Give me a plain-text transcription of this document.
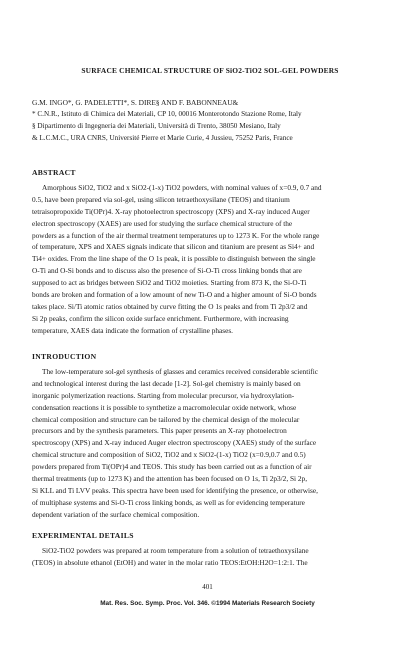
SURFACE CHEMICAL STRUCTURE OF SiO2-TiO2 SOL-GEL POWDERS
G.M. INGO*, G. PADELETTI*, S. DIRE§ AND F. BABONNEAU&
* C.N.R., Istituto di Chimica dei Materiali, CP 10, 00016 Monterotondo Stazione Rome, Italy
§ Dipartimento di Ingegneria dei Materiali, Università di Trento, 38050 Mesiano, Italy
& L.C.M.C., URA CNRS, Université Pierre et Marie Curie, 4 Jussieu, 75252 Paris, France
ABSTRACT
Amorphous SiO2, TiO2 and x SiO2-(1-x) TiO2 powders, with nominal values of x=0.9, 0.7 and
0.5, have been prepared via sol-gel, using silicon tetraethoxysilane (TEOS) and titanium
tetraisopropoxide Ti(OPr)4. X-ray photoelectron spectroscopy (XPS) and X-ray induced Auger
electron spectroscopy (XAES) are used for studying the surface chemical structure of the
powders as a function of the air thermal treatment temperatures up to 1273 K. For the whole range
of temperature, XPS and XAES signals indicate that silicon and titanium are present as Si4+ and
Ti4+ oxides. From the line shape of the O 1s peak, it is possible to distinguish between the single
O-Ti and O-Si bonds and to discuss also the presence of Si-O-Ti cross linking bonds that are
supposed to act as bridges between SiO2 and TiO2 moieties. Starting from 873 K, the Si-O-Ti
bonds are broken and formation of a low amount of new Ti-O and a higher amount of Si-O bonds
takes place. Si/Ti atomic ratios obtained by curve fitting the O 1s peaks and from Ti 2p3/2 and
Si 2p peaks, confirm the silicon oxide surface enrichment. Furthermore, with increasing
temperature, XAES data indicate the formation of crystalline phases.
INTRODUCTION
The low-temperature sol-gel synthesis of glasses and ceramics received considerable scientific
and technological interest during the last decade [1-2]. Sol-gel chemistry is mainly based on
inorganic polymerization reactions. Starting from molecular precursor, via hydroxylation-
condensation reactions it is possible to synthetize a macromolecular oxide network, whose
chemical composition and structure can be tailored by the chemical design of the molecular
precursors and by the synthesis parameters. This paper presents an X-ray photoelectron
spectroscopy (XPS) and X-ray induced Auger electron spectroscopy (XAES) study of the surface
chemical structure and composition of SiO2, TiO2 and x SiO2-(1-x) TiO2 (x=0.9,0.7 and 0.5)
powders prepared from Ti(OPr)4 and TEOS. This study has been carried out as a function of air
thermal treatments (up to 1273 K) and the attention has been focused on O 1s, Ti 2p3/2, Si 2p,
Si KLL and Ti LVV peaks. This spectra have been used for identifying the presence, or otherwise,
of multiphase systems and Si-O-Ti cross linking bonds, as well as for evidencing temperature
dependent variation of the surface chemical composition.
EXPERIMENTAL DETAILS
SiO2-TiO2 powders was prepared at room temperature from a solution of tetraethoxysilane
(TEOS) in absolute ethanol (EtOH) and water in the molar ratio TEOS:EtOH:H2O=1:2:1. The
401
Mat. Res. Soc. Symp. Proc. Vol. 346. ©1994 Materials Research Society
